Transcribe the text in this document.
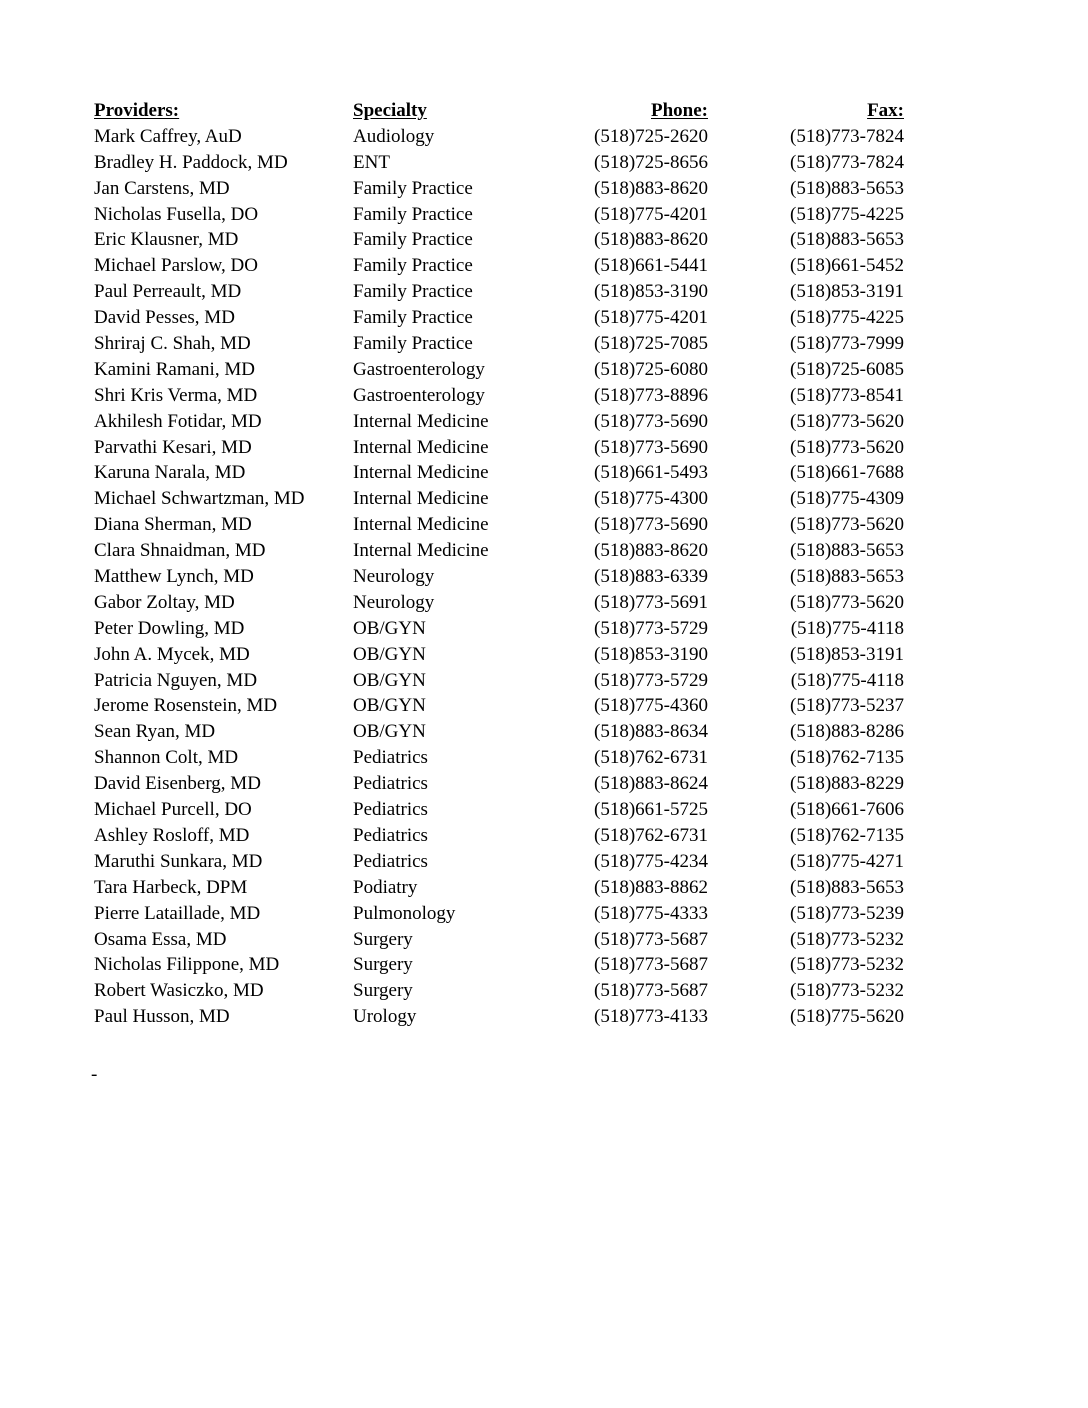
Providers:	Specialty	Phone:	Fax:
Mark Caffrey, AuD	Audiology	(518)725-2620	(518)773-7824
Bradley H. Paddock, MD	ENT	(518)725-8656	(518)773-7824
Jan Carstens, MD	Family Practice	(518)883-8620	(518)883-5653
Nicholas Fusella, DO	Family Practice	(518)775-4201	(518)775-4225
Eric Klausner, MD	Family Practice	(518)883-8620	(518)883-5653
Michael Parslow, DO	Family Practice	(518)661-5441	(518)661-5452
Paul Perreault, MD	Family Practice	(518)853-3190	(518)853-3191
David Pesses, MD	Family Practice	(518)775-4201	(518)775-4225
Shriraj C. Shah, MD	Family Practice	(518)725-7085	(518)773-7999
Kamini Ramani, MD	Gastroenterology	(518)725-6080	(518)725-6085
Shri Kris Verma, MD	Gastroenterology	(518)773-8896	(518)773-8541
Akhilesh Fotidar, MD	Internal Medicine	(518)773-5690	(518)773-5620
Parvathi Kesari, MD	Internal Medicine	(518)773-5690	(518)773-5620
Karuna Narala, MD	Internal Medicine	(518)661-5493	(518)661-7688
Michael Schwartzman, MD	Internal Medicine	(518)775-4300	(518)775-4309
Diana Sherman, MD	Internal Medicine	(518)773-5690	(518)773-5620
Clara Shnaidman, MD	Internal Medicine	(518)883-8620	(518)883-5653
Matthew Lynch, MD	Neurology	(518)883-6339	(518)883-5653
Gabor Zoltay, MD	Neurology	(518)773-5691	(518)773-5620
Peter Dowling, MD	OB/GYN	(518)773-5729	(518)775-4118
John A. Mycek, MD	OB/GYN	(518)853-3190	(518)853-3191
Patricia Nguyen, MD	OB/GYN	(518)773-5729	(518)775-4118
Jerome Rosenstein, MD	OB/GYN	(518)775-4360	(518)773-5237
Sean Ryan, MD	OB/GYN	(518)883-8634	(518)883-8286
Shannon Colt, MD	Pediatrics	(518)762-6731	(518)762-7135
David Eisenberg, MD	Pediatrics	(518)883-8624	(518)883-8229
Michael Purcell, DO	Pediatrics	(518)661-5725	(518)661-7606
Ashley Rosloff, MD	Pediatrics	(518)762-6731	(518)762-7135
Maruthi Sunkara, MD	Pediatrics	(518)775-4234	(518)775-4271
Tara Harbeck, DPM	Podiatry	(518)883-8862	(518)883-5653
Pierre Lataillade, MD	Pulmonology	(518)775-4333	(518)773-5239
Osama Essa, MD	Surgery	(518)773-5687	(518)773-5232
Nicholas Filippone, MD	Surgery	(518)773-5687	(518)773-5232
Robert Wasiczko, MD	Surgery	(518)773-5687	(518)773-5232
Paul Husson, MD	Urology	(518)773-4133	(518)775-5620
-
